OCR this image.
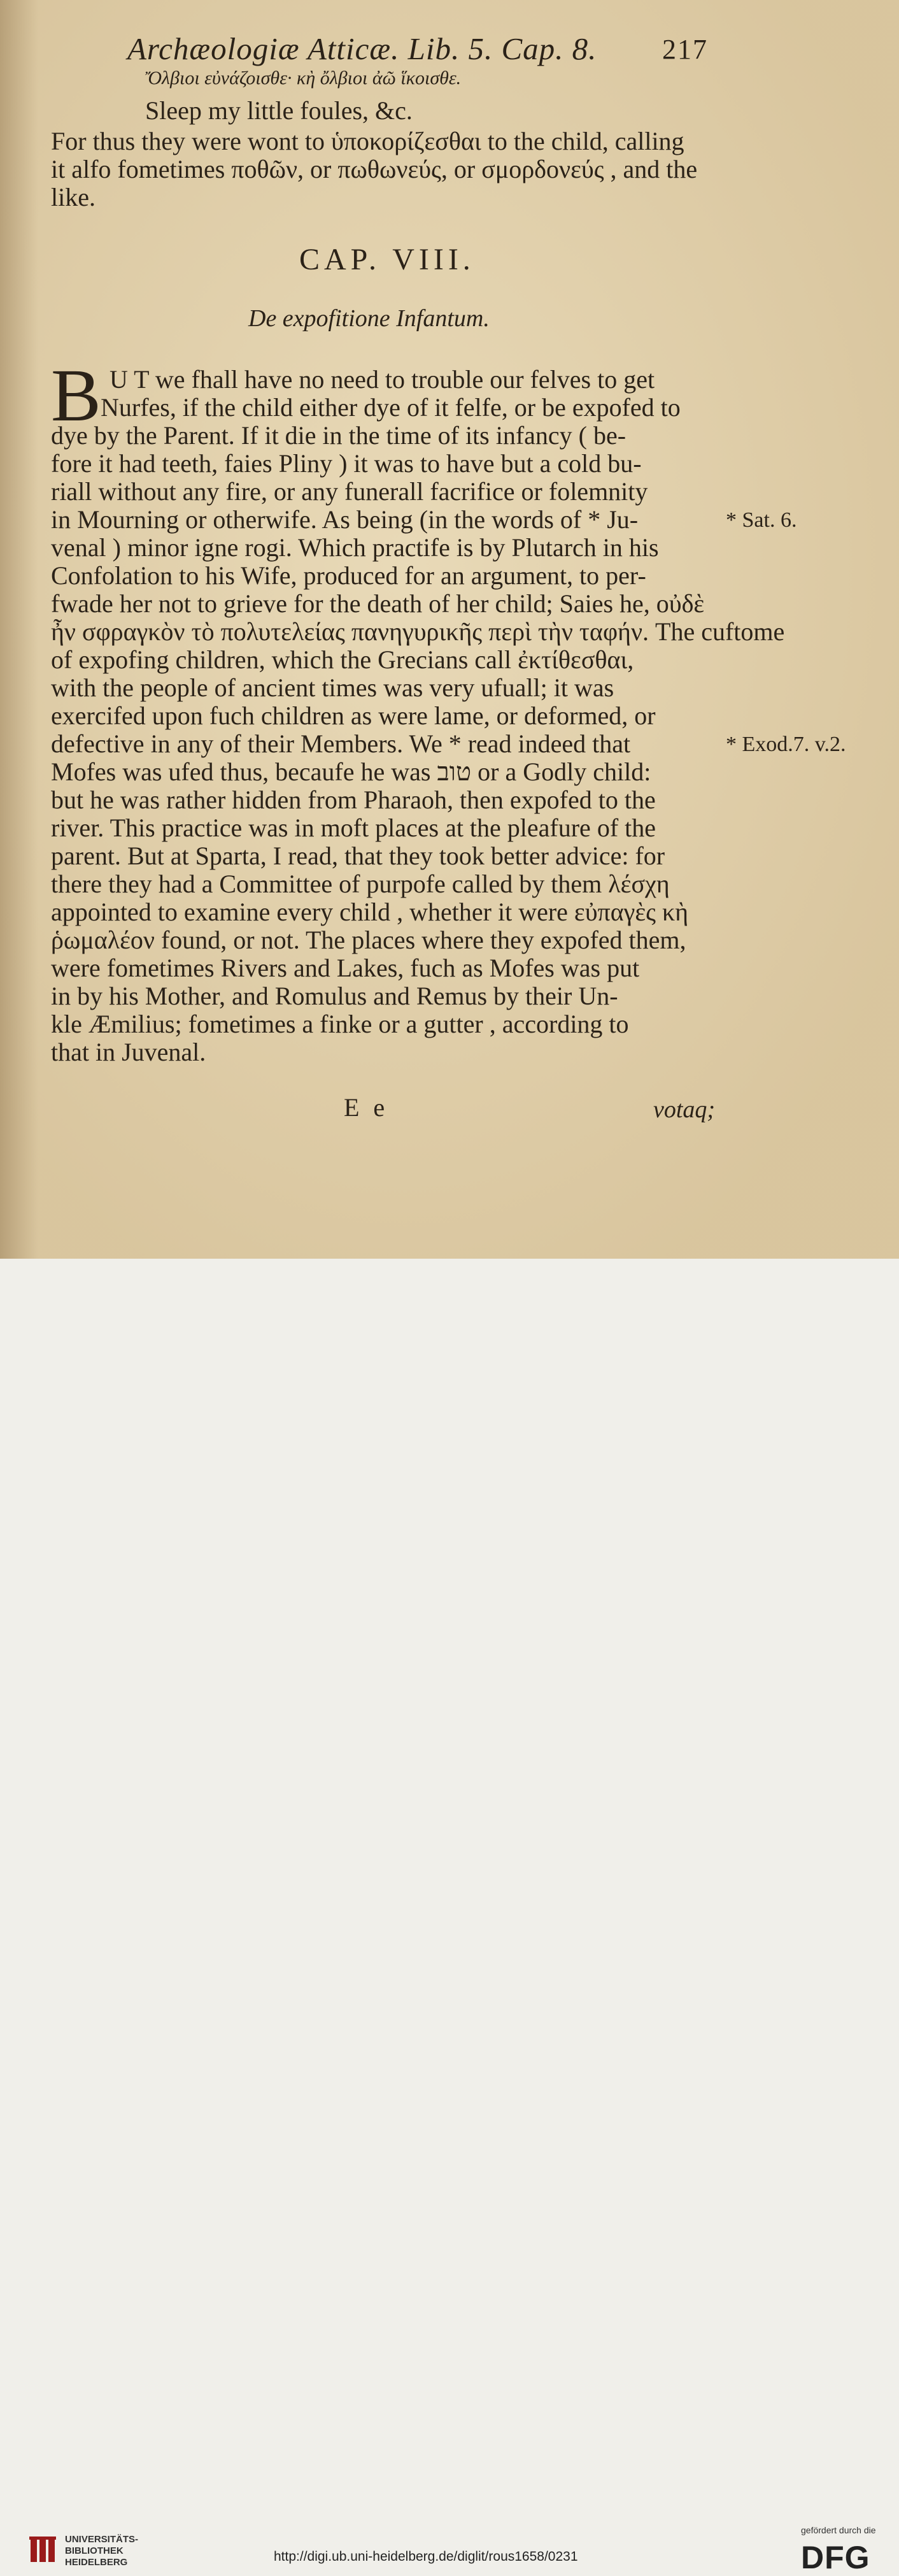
Archæologiæ Atticæ. Lib. 5. Cap. 8. 217
Ὄλβιοι εὐνάζοισθε· κὴ ὄλβιοι ἀῶ ἵκοισθε.
Sleep my little foules, &c.
For thus they were wont to ὑποκορίζεσθαι to the child, calling
it alfo fometimes ποθῶν, or πωθωνεύς, or σμορδονεύς , and the
like.
CAP. VIII.
De expofitione Infantum.
B U T we fhall have no need to trouble our felves to get
Nurfes, if the child either dye of it felfe, or be expofed to
dye by the Parent. If it die in the time of its infancy ( be-
fore it had teeth, faies Pliny ) it was to have but a cold bu-
riall without any fire, or any funerall facrifice or folemnity
in Mourning or otherwife. As being (in the words of * Ju-
venal ) minor igne rogi. Which practife is by Plutarch in his
Confolation to his Wife, produced for an argument, to per-
fwade her not to grieve for the death of her child; Saies he, οὐδὲ
ἦν σφραγκὸν τὸ πολυτελείας πανηγυρικῆς περὶ τὴν ταφήν. The cuftome
of expofing children, which the Grecians call ἐκτίθεσθαι,
with the people of ancient times was very ufuall; it was
exercifed upon fuch children as were lame, or deformed, or
defective in any of their Members. We * read indeed that
Mofes was ufed thus, becaufe he was טוב or a Godly child:
but he was rather hidden from Pharaoh, then expofed to the
river. This practice was in moft places at the pleafure of the
parent. But at Sparta, I read, that they took better advice: for
there they had a Committee of purpofe called by them λέσχη
appointed to examine every child , whether it were εὐπαγὲς κὴ
ῥωμαλέον found, or not. The places where they expofed them,
were fometimes Rivers and Lakes, fuch as Mofes was put
in by his Mother, and Romulus and Remus by their Un-
kle Æmilius; fometimes a finke or a gutter , according to
that in Juvenal.
* Sat. 6.
* Exod.7. v.2.
E e	votaq;
UNIVERSITÄTS-
BIBLIOTHEK
HEIDELBERG	http://digi.ub.uni-heidelberg.de/diglit/rous1658/0231
gefördert durch die
DFG
